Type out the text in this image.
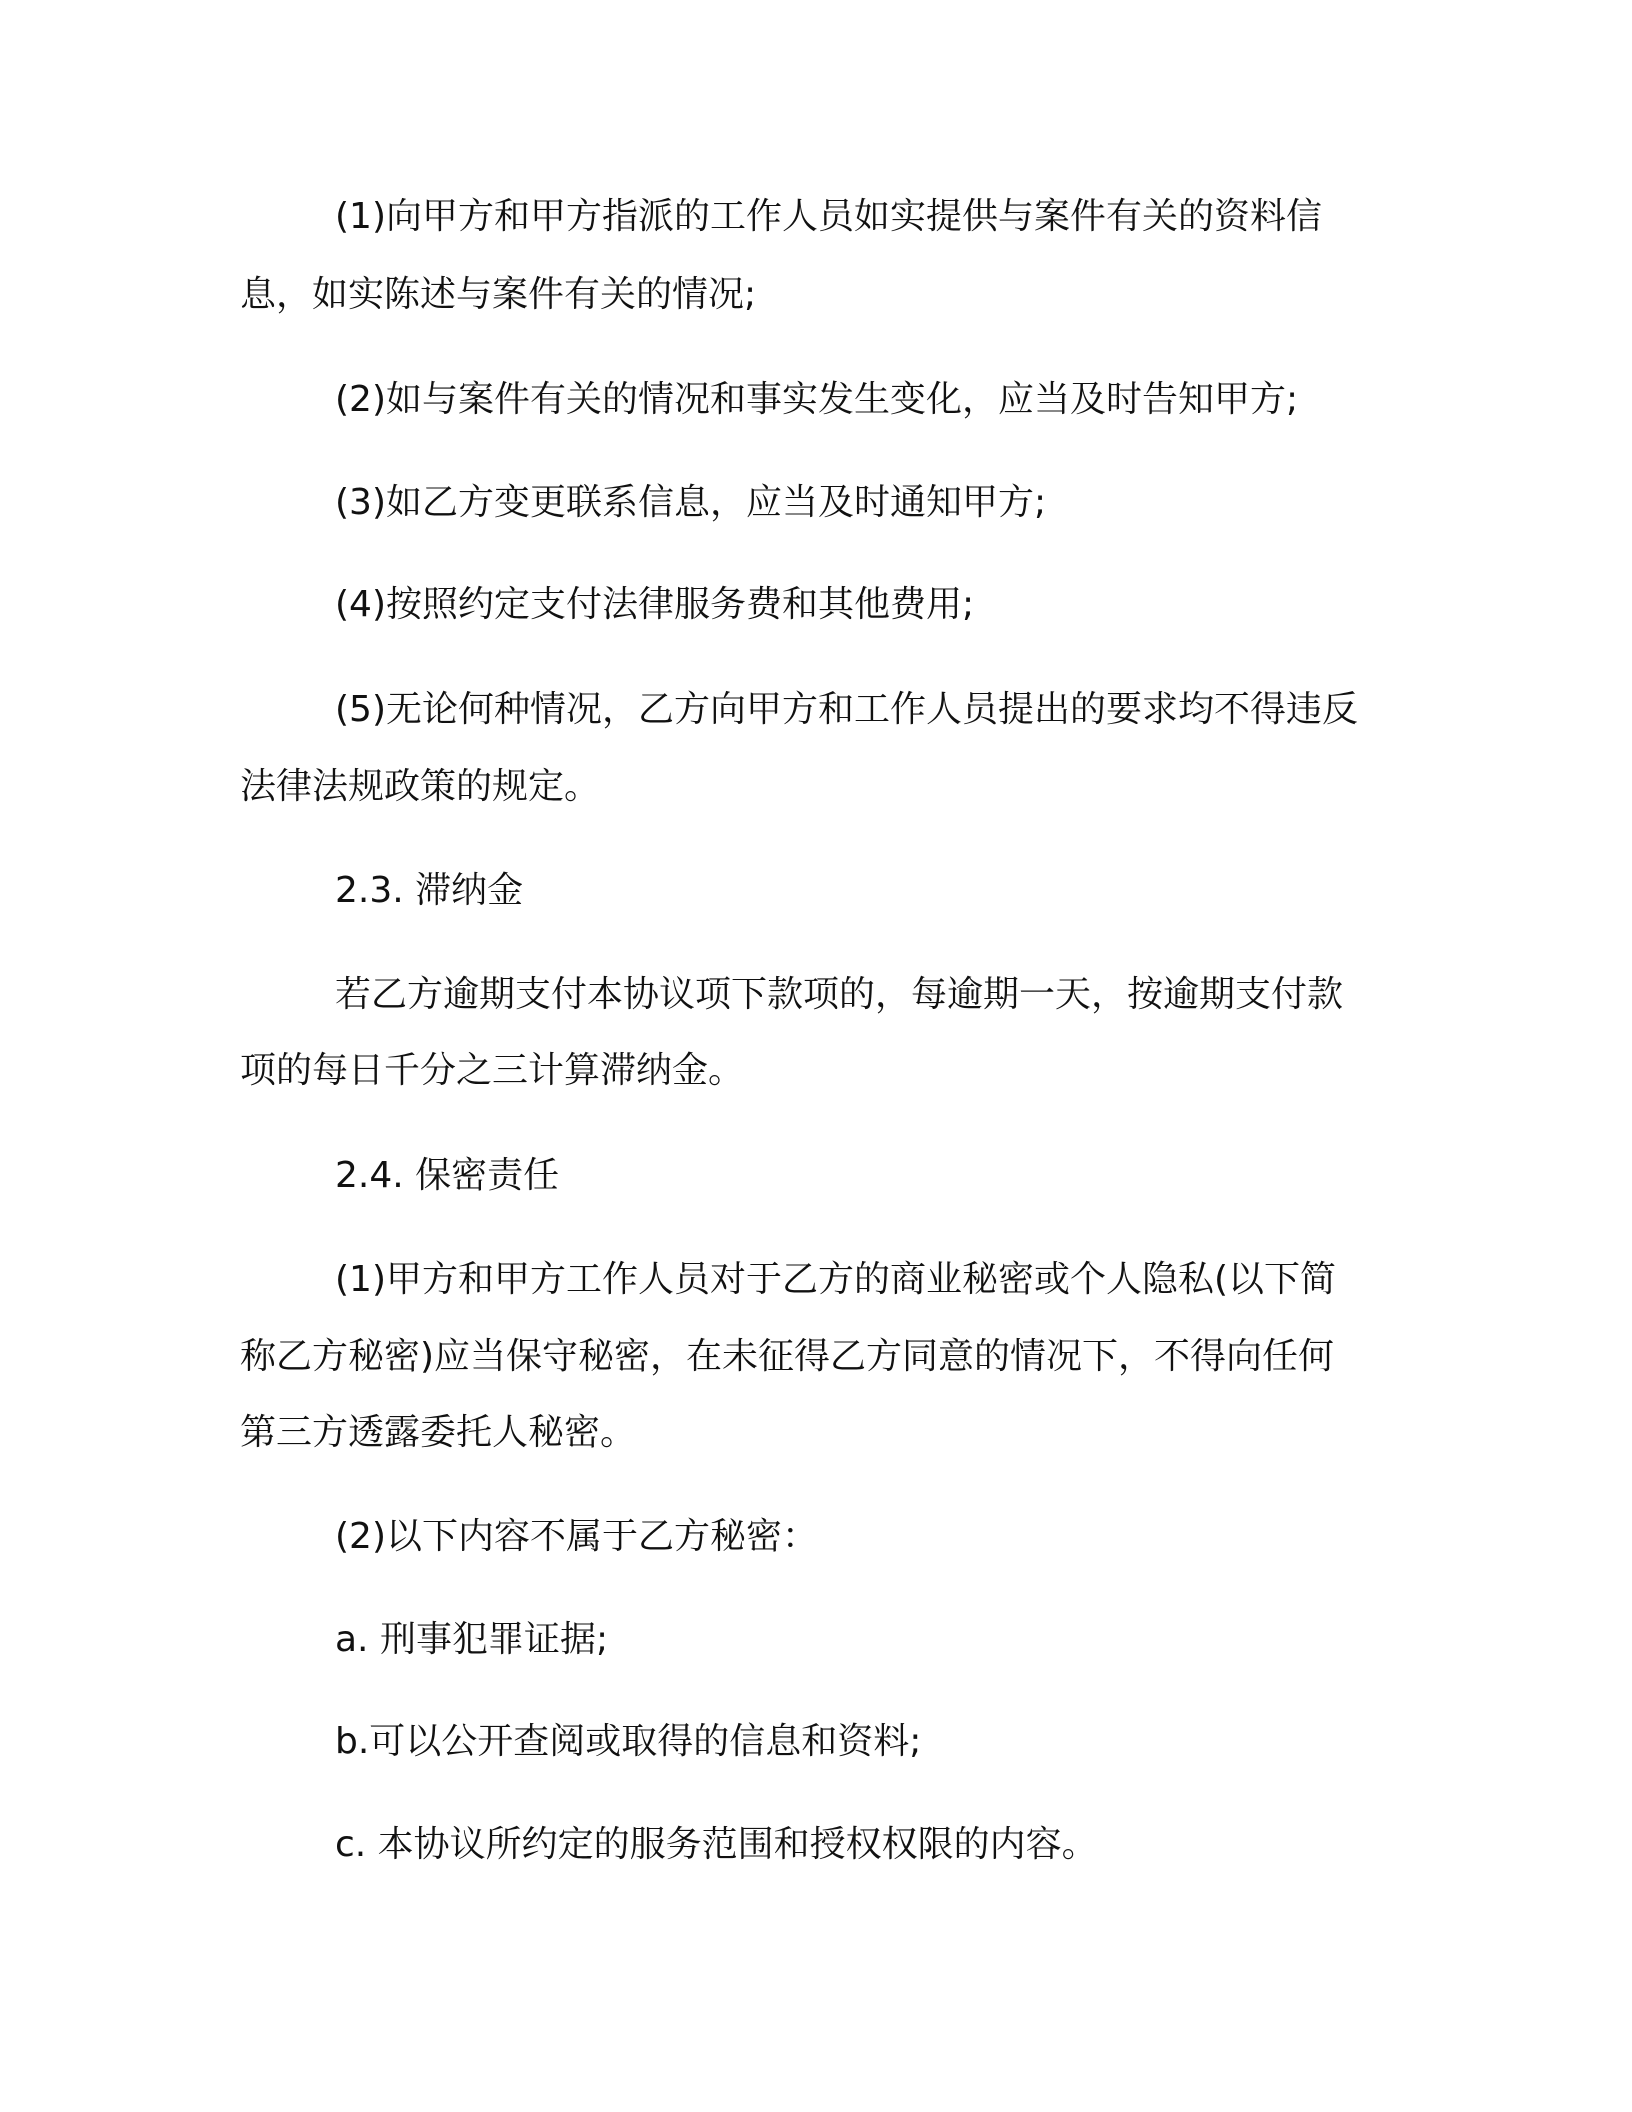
(1)向甲方和甲方指派的工作人员如实提供与案件有关的资料信

息，如实陈述与案件有关的情况;

(2)如与案件有关的情况和事实发生变化，应当及时告知甲方;

(3)如乙方变更联系信息，应当及时通知甲方;

(4)按照约定支付法律服务费和其他费用;

(5)无论何种情况，乙方向甲方和工作人员提出的要求均不得违反

法律法规政策的规定。

2.3. 滞纳金

若乙方逾期支付本协议项下款项的，每逾期一天，按逾期支付款

项的每日千分之三计算滞纳金。

2.4. 保密责任

(1)甲方和甲方工作人员对于乙方的商业秘密或个人隐私(以下简

称乙方秘密)应当保守秘密，在未征得乙方同意的情况下，不得向任何

第三方透露委托人秘密。

(2)以下内容不属于乙方秘密：

a. 刑事犯罪证据;

b.可以公开查阅或取得的信息和资料;

c. 本协议所约定的服务范围和授权权限的内容。
